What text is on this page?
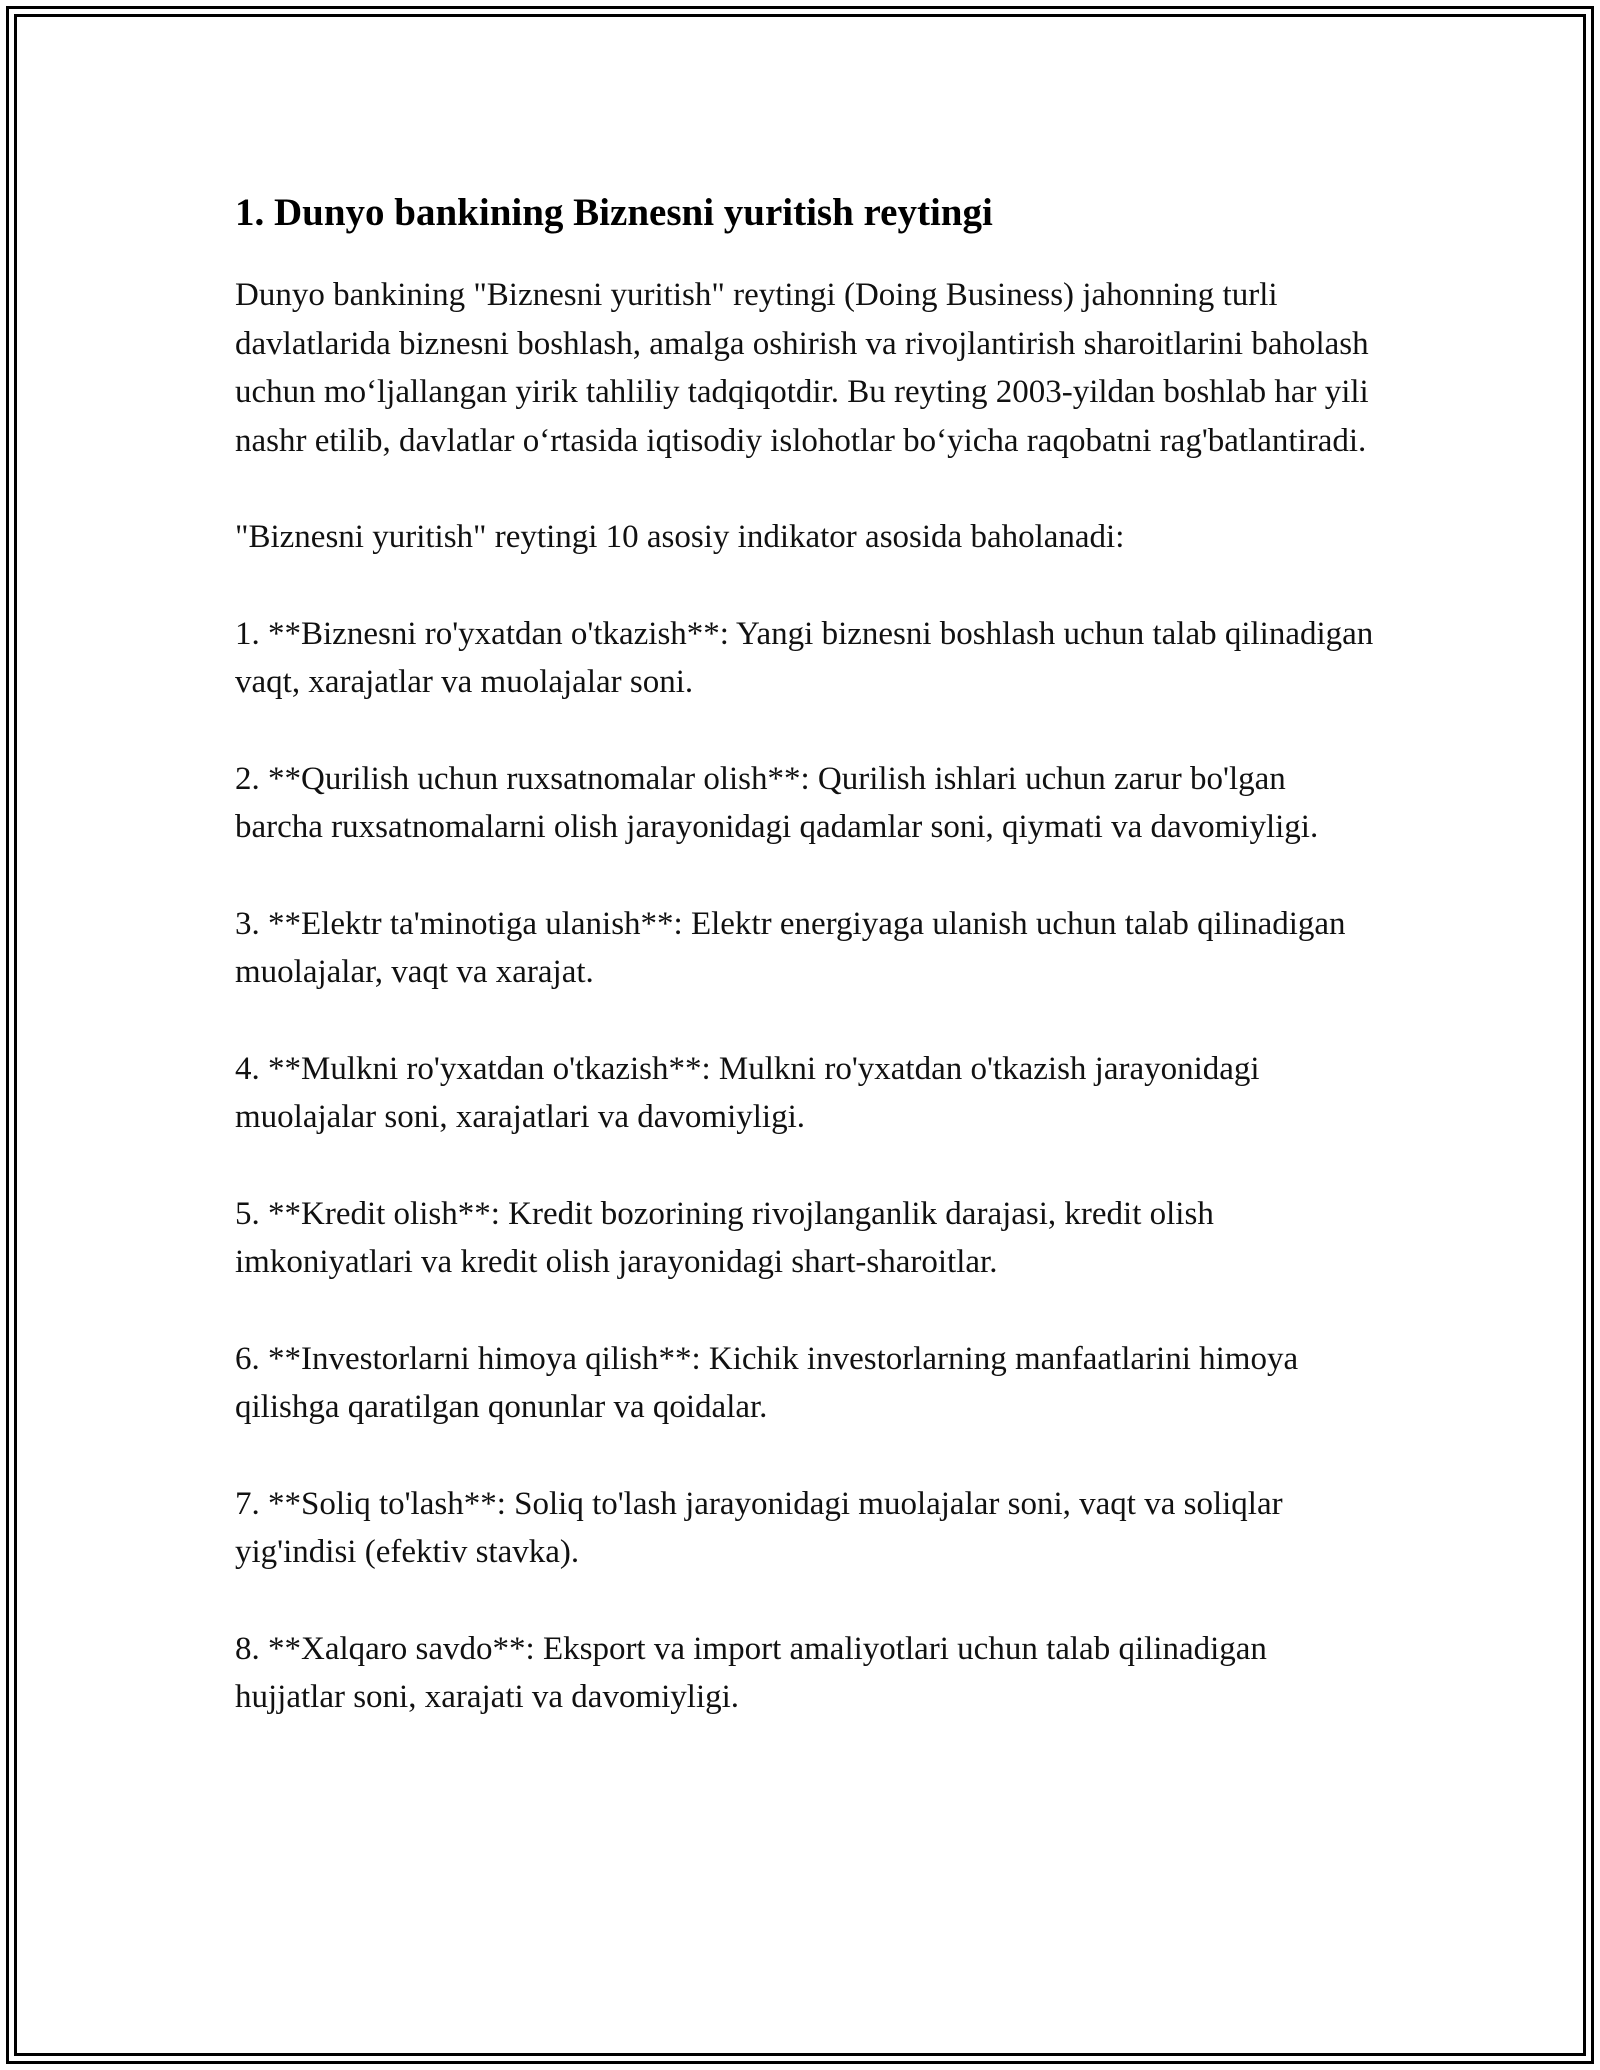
1. Dunyo bankining Biznesni yuritish reytingi

Dunyo bankining "Biznesni yuritish" reytingi (Doing Business) jahonning turli davlatlarida biznesni boshlash, amalga oshirish va rivojlantirish sharoitlarini baholash uchun mo‘ljallangan yirik tahliliy tadqiqotdir. Bu reyting 2003-yildan boshlab har yili nashr etilib, davlatlar o‘rtasida iqtisodiy islohotlar bo‘yicha raqobatni rag'batlantiradi.

"Biznesni yuritish" reytingi 10 asosiy indikator asosida baholanadi:

1. **Biznesni ro'yxatdan o'tkazish**: Yangi biznesni boshlash uchun talab qilinadigan vaqt, xarajatlar va muolajalar soni.

2. **Qurilish uchun ruxsatnomalar olish**: Qurilish ishlari uchun zarur bo'lgan barcha ruxsatnomalarni olish jarayonidagi qadamlar soni, qiymati va davomiyligi.

3. **Elektr ta'minotiga ulanish**: Elektr energiyaga ulanish uchun talab qilinadigan muolajalar, vaqt va xarajat.

4. **Mulkni ro'yxatdan o'tkazish**: Mulkni ro'yxatdan o'tkazish jarayonidagi muolajalar soni, xarajatlari va davomiyligi.

5. **Kredit olish**: Kredit bozorining rivojlanganlik darajasi, kredit olish imkoniyatlari va kredit olish jarayonidagi shart-sharoitlar.

6. **Investorlarni himoya qilish**: Kichik investorlarning manfaatlarini himoya qilishga qaratilgan qonunlar va qoidalar.

7. **Soliq to'lash**: Soliq to'lash jarayonidagi muolajalar soni, vaqt va soliqlar yig'indisi (efektiv stavka).

8. **Xalqaro savdo**: Eksport va import amaliyotlari uchun talab qilinadigan hujjatlar soni, xarajati va davomiyligi.
